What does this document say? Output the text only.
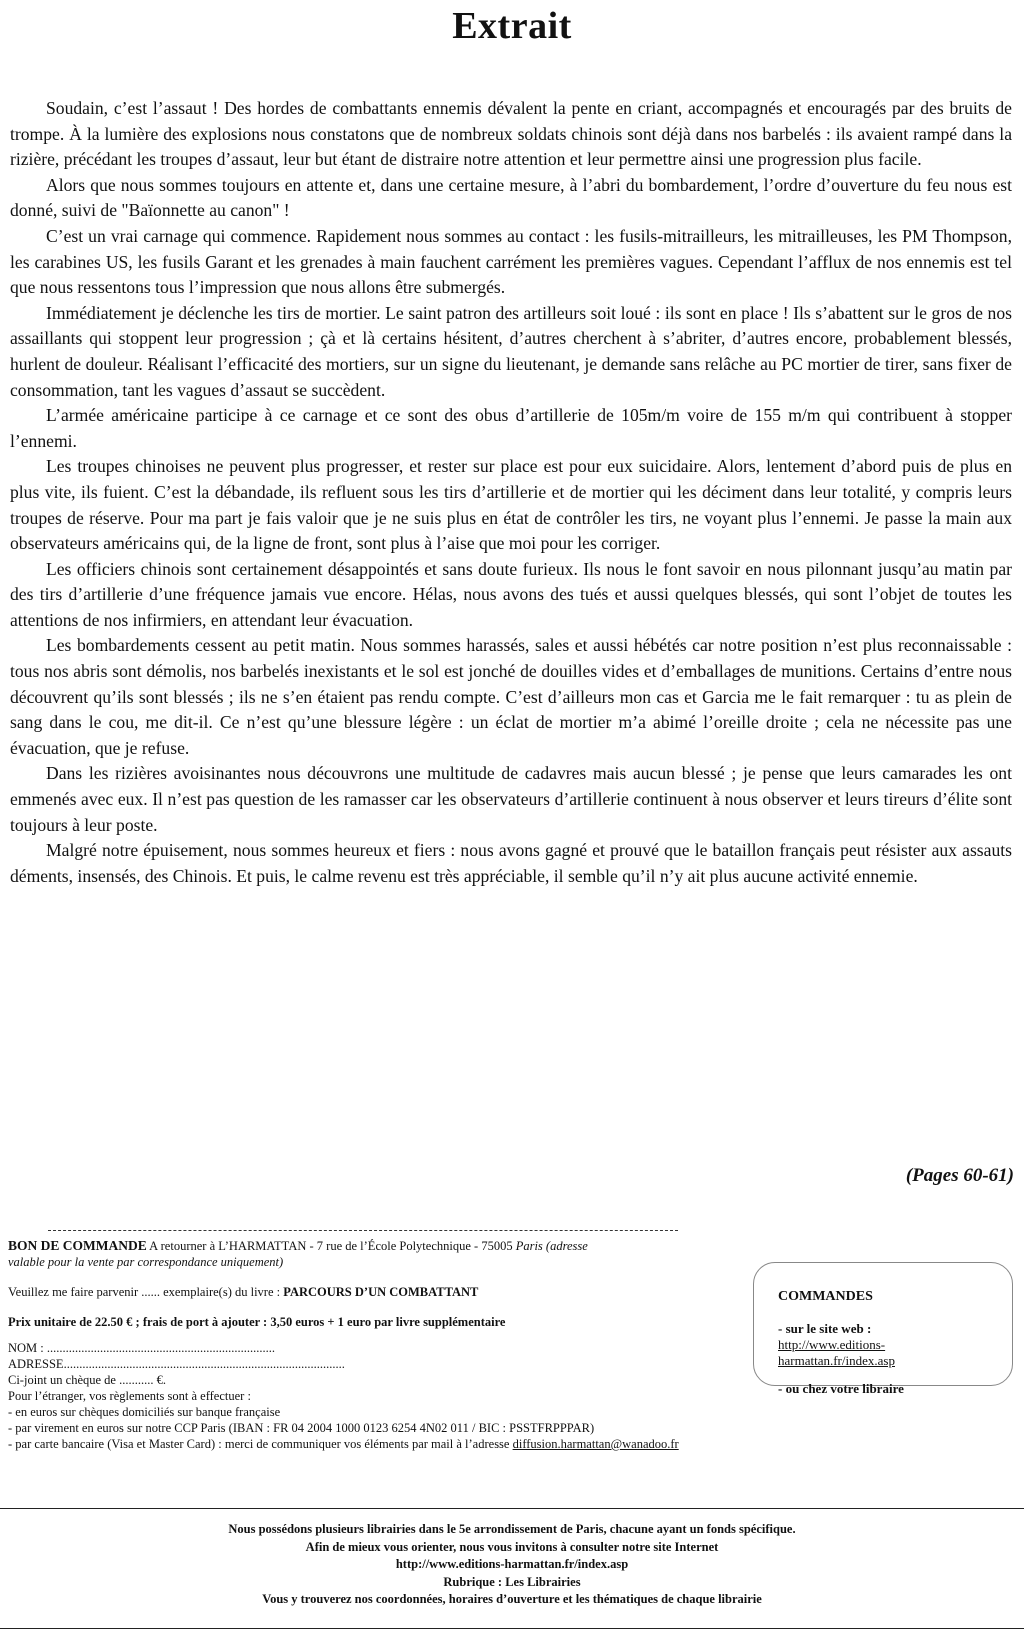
Extrait

Soudain, c’est l’assaut ! Des hordes de combattants ennemis dévalent la pente en criant, accompagnés et encouragés par des bruits de trompe. À la lumière des explosions nous constatons que de nombreux soldats chinois sont déjà dans nos barbelés : ils avaient rampé dans la rizière, précédant les troupes d’assaut, leur but étant de distraire notre attention et leur permettre ainsi une progression plus facile.

Alors que nous sommes toujours en attente et, dans une certaine mesure, à l’abri du bombardement, l’ordre d’ouverture du feu nous est donné, suivi de "Baïonnette au canon" !

C’est un vrai carnage qui commence. Rapidement nous sommes au contact : les fusils-mitrailleurs, les mitrailleuses, les PM Thompson, les carabines US, les fusils Garant et les grenades à main fauchent carrément les premières vagues. Cependant l’afflux de nos ennemis est tel que nous ressentons tous l’impression que nous allons être submergés.

Immédiatement je déclenche les tirs de mortier. Le saint patron des artilleurs soit loué : ils sont en place ! Ils s’abattent sur le gros de nos assaillants qui stoppent leur progression ; çà et là certains hésitent, d’autres cherchent à s’abriter, d’autres encore, probablement blessés, hurlent de douleur. Réalisant l’efficacité des mortiers, sur un signe du lieutenant, je demande sans relâche au PC mortier de tirer, sans fixer de consommation, tant les vagues d’assaut se succèdent.

L’armée américaine participe à ce carnage et ce sont des obus d’artillerie de 105m/m voire de 155 m/m qui contribuent à stopper l’ennemi.

Les troupes chinoises ne peuvent plus progresser, et rester sur place est pour eux suicidaire. Alors, lentement d’abord puis de plus en plus vite, ils fuient. C’est la débandade, ils refluent sous les tirs d’artillerie et de mortier qui les déciment dans leur totalité, y compris leurs troupes de réserve. Pour ma part je fais valoir que je ne suis plus en état de contrôler les tirs, ne voyant plus l’ennemi. Je passe la main aux observateurs américains qui, de la ligne de front, sont plus à l’aise que moi pour les corriger.

Les officiers chinois sont certainement désappointés et sans doute furieux. Ils nous le font savoir en nous pilonnant jusqu’au matin par des tirs d’artillerie d’une fréquence jamais vue encore. Hélas, nous avons des tués et aussi quelques blessés, qui sont l’objet de toutes les attentions de nos infirmiers, en attendant leur évacuation.

Les bombardements cessent au petit matin. Nous sommes harassés, sales et aussi hébétés car notre position n’est plus reconnaissable : tous nos abris sont démolis, nos barbelés inexistants et le sol est jonché de douilles vides et d’emballages de munitions. Certains d’entre nous découvrent qu’ils sont blessés ; ils ne s’en étaient pas rendu compte. C’est d’ailleurs mon cas et Garcia me le fait remarquer : tu as plein de sang dans le cou, me dit-il. Ce n’est qu’une blessure légère : un éclat de mortier m’a abimé l’oreille droite ; cela ne nécessite pas une évacuation, que je refuse.

Dans les rizières avoisinantes nous découvrons une multitude de cadavres mais aucun blessé ; je pense que leurs camarades les ont emmenés avec eux. Il n’est pas question de les ramasser car les observateurs d’artillerie continuent à nous observer et leurs tireurs d’élite sont toujours à leur poste.

Malgré notre épuisement, nous sommes heureux et fiers : nous avons gagné et prouvé que le bataillon français peut résister aux assauts déments, insensés, des Chinois. Et puis, le calme revenu est très appréciable, il semble qu’il n’y ait plus aucune activité ennemie.

(Pages 60-61)
BON DE COMMANDE A retourner à L’HARMATTAN - 7 rue de l’École Polytechnique - 75005 Paris (adresse
valable pour la vente par correspondance uniquement)
Veuillez me faire parvenir ...... exemplaire(s) du livre : PARCOURS D’UN COMBATTANT
Prix unitaire de 22.50 € ; frais de port à ajouter : 3,50 euros + 1 euro par livre supplémentaire
NOM : .........................................................................
ADRESSE..........................................................................................
Ci-joint un chèque de ........... €.
Pour l’étranger, vos règlements sont à effectuer :
- en euros sur chèques domiciliés sur banque française
- par virement en euros sur notre CCP Paris (IBAN : FR 04 2004 1000 0123 6254 4N02 011 / BIC : PSSTFRPPPAR)
- par carte bancaire (Visa et Master Card) : merci de communiquer vos éléments par mail à l’adresse diffusion.harmattan@wanadoo.fr
COMMANDES
- sur le site web :
http://www.editions-
harmattan.fr/index.asp
- ou chez votre libraire
Nous possédons plusieurs librairies dans le 5e arrondissement de Paris, chacune ayant un fonds spécifique.
Afin de mieux vous orienter, nous vous invitons à consulter notre site Internet
http://www.editions-harmattan.fr/index.asp
Rubrique : Les Librairies
Vous y trouverez nos coordonnées, horaires d’ouverture et les thématiques de chaque librairie
